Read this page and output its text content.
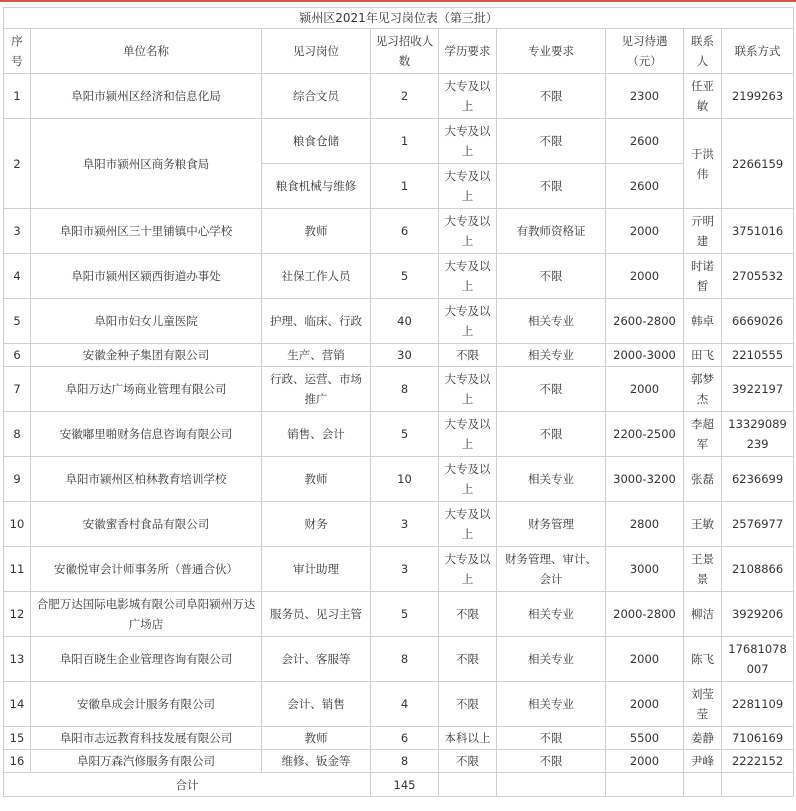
颍州区2021年见习岗位表（第三批）								
序号	单位名称	见习岗位	见习招收人数	学历要求	专业要求	见习待遇（元）	联系人	联系方式
1	阜阳市颍州区经济和信息化局	综合文员	2	大专及以上	不限	2300	任亚敏	2199263
2	阜阳市颍州区商务粮食局	粮食仓储	1	大专及以上	不限	2600	于洪伟	2266159
		粮食机械与维修	1	大专及以上	不限	2600		
3	阜阳市颍州区三十里铺镇中心学校	教师	6	大专及以上	有教师资格证	2000	亓明建	3751016
4	阜阳市颍州区颍西街道办事处	社保工作人员	5	大专及以上	不限	2000	时诺皙	2705532
5	阜阳市妇女儿童医院	护理、临床、行政	40	大专及以上	相关专业	2600-2800	韩卓	6669026
6	安徽金种子集团有限公司	生产、营销	30	不限	相关专业	2000-3000	田飞	2210555
7	阜阳万达广场商业管理有限公司	行政、运营、市场推广	8	大专及以上	不限	2000	郭梦杰	3922197
8	安徽嘟里啪财务信息咨询有限公司	销售、会计	5	大专及以上	不限	2200-2500	李超军	13329089239
9	阜阳市颍州区柏林教育培训学校	教师	10	大专及以上	相关专业	3000-3200	张磊	6236699
10	安徽蜜香村食品有限公司	财务	3	大专及以上	财务管理	2800	王敏	2576977
11	安徽悦审会计师事务所（普通合伙）	审计助理	3	大专及以上	财务管理、审计、会计	3000	王景景	2108866
12	合肥万达国际电影城有限公司阜阳颍州万达广场店	服务员、见习主管	5	不限	相关专业	2000-2800	柳洁	3929206
13	阜阳百晓生企业管理咨询有限公司	会计、客服等	8	不限	相关专业	2000	陈飞	17681078007
14	安徽阜成会计服务有限公司	会计、销售	4	不限	相关专业	2000	刘莹莹	2281109
15	阜阳市志远教育科技发展有限公司	教师	6	本科以上	不限	5500	姜静	7106169
16	阜阳万森汽修服务有限公司	维修、钣金等	8	不限	不限	2000	尹峰	2222152
合计			145					
